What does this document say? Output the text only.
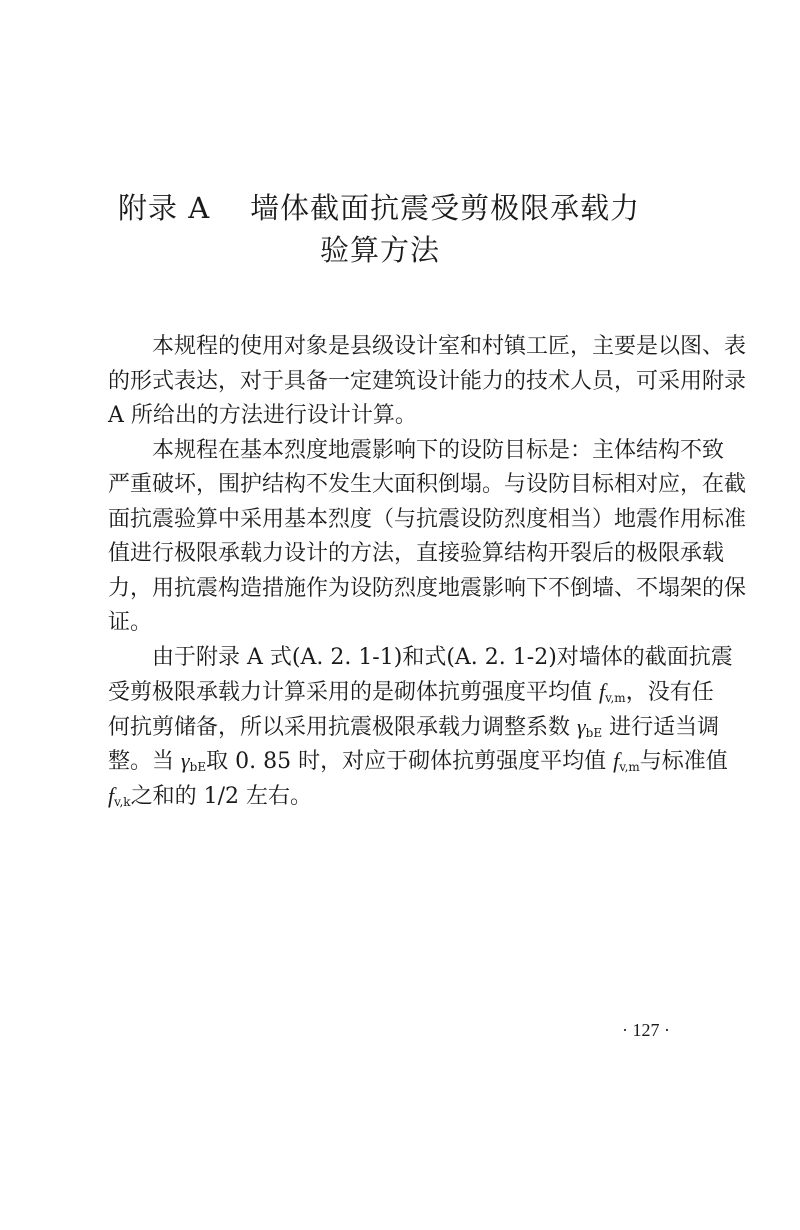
附录 A 墙体截面抗震受剪极限承载力
验算方法
本规程的使用对象是县级设计室和村镇工匠，主要是以图、表
的形式表达，对于具备一定建筑设计能力的技术人员，可采用附录
A 所给出的方法进行设计计算。
本规程在基本烈度地震影响下的设防目标是：主体结构不致
严重破坏，围护结构不发生大面积倒塌。与设防目标相对应，在截
面抗震验算中采用基本烈度（与抗震设防烈度相当）地震作用标准
值进行极限承载力设计的方法，直接验算结构开裂后的极限承载
力，用抗震构造措施作为设防烈度地震影响下不倒墙、不塌架的保
证。
由于附录 A 式(A. 2. 1-1)和式(A. 2. 1-2)对墙体的截面抗震
受剪极限承载力计算采用的是砌体抗剪强度平均值 $f_{v,m}$，没有任
何抗剪储备，所以采用抗震极限承载力调整系数 $\gamma_{bE}$ 进行适当调
整。当 $\gamma_{bE}$取 0. 85 时，对应于砌体抗剪强度平均值 $f_{v,m}$与标准值
$f_{v,k}$之和的 1/2 左右。
· 127 ·
